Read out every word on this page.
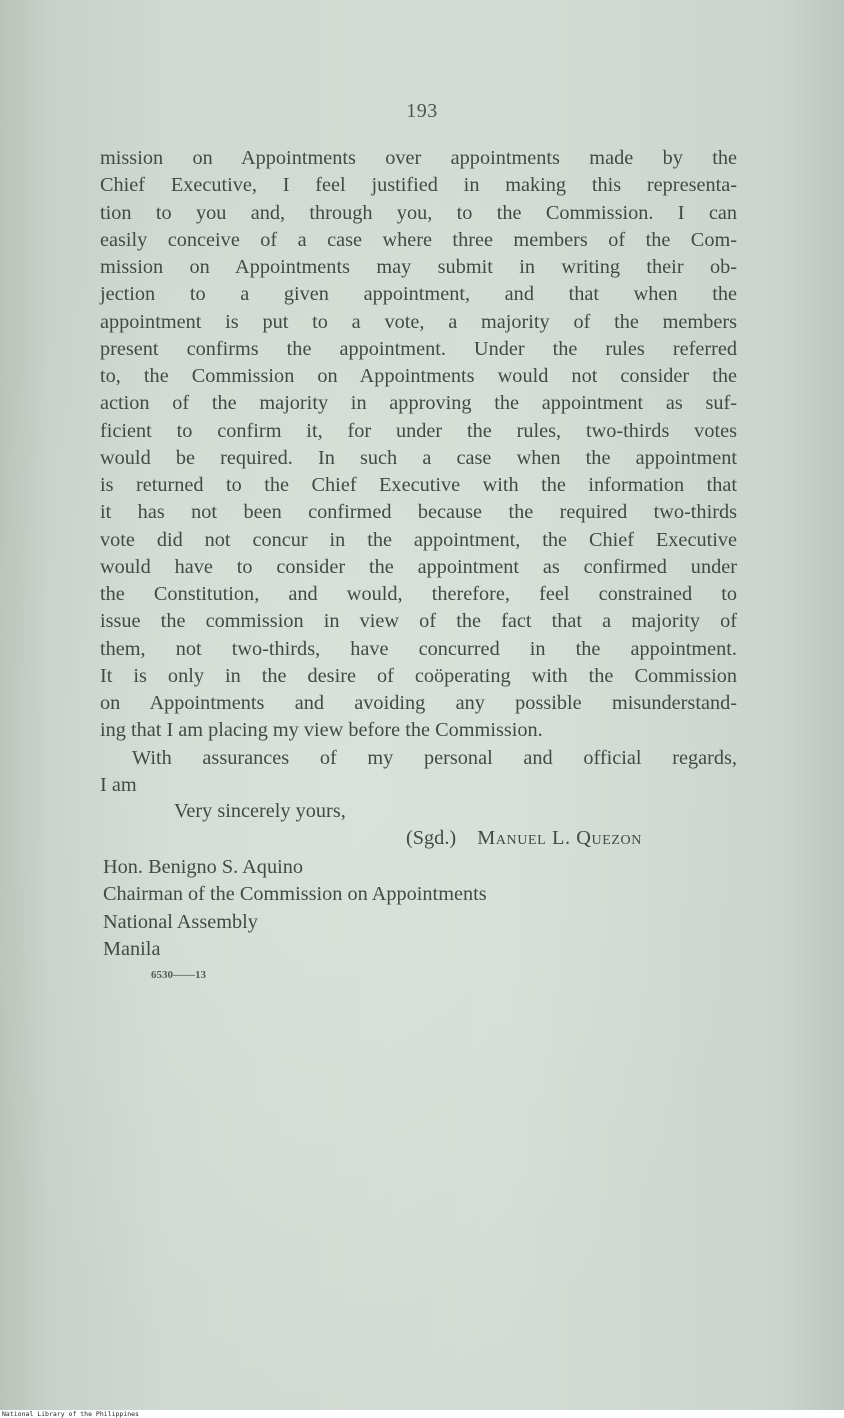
193
mission on Appointments over appointments made by the
Chief Executive, I feel justified in making this representa-
tion to you and, through you, to the Commission. I can
easily conceive of a case where three members of the Com-
mission on Appointments may submit in writing their ob-
jection to a given appointment, and that when the
appointment is put to a vote, a majority of the members
present confirms the appointment. Under the rules referred
to, the Commission on Appointments would not consider the
action of the majority in approving the appointment as suf-
ficient to confirm it, for under the rules, two-thirds votes
would be required. In such a case when the appointment
is returned to the Chief Executive with the information that
it has not been confirmed because the required two-thirds
vote did not concur in the appointment, the Chief Executive
would have to consider the appointment as confirmed under
the Constitution, and would, therefore, feel constrained to
issue the commission in view of the fact that a majority of
them, not two-thirds, have concurred in the appointment.
It is only in the desire of coöperating with the Commission
on Appointments and avoiding any possible misunderstand-
ing that I am placing my view before the Commission.
With assurances of my personal and official regards,
I am
Very sincerely yours,
(Sgd.) Manuel L. Quezon
Hon. Benigno S. Aquino
Chairman of the Commission on Appointments
National Assembly
Manila
6530——13
National Library of the Philippines
